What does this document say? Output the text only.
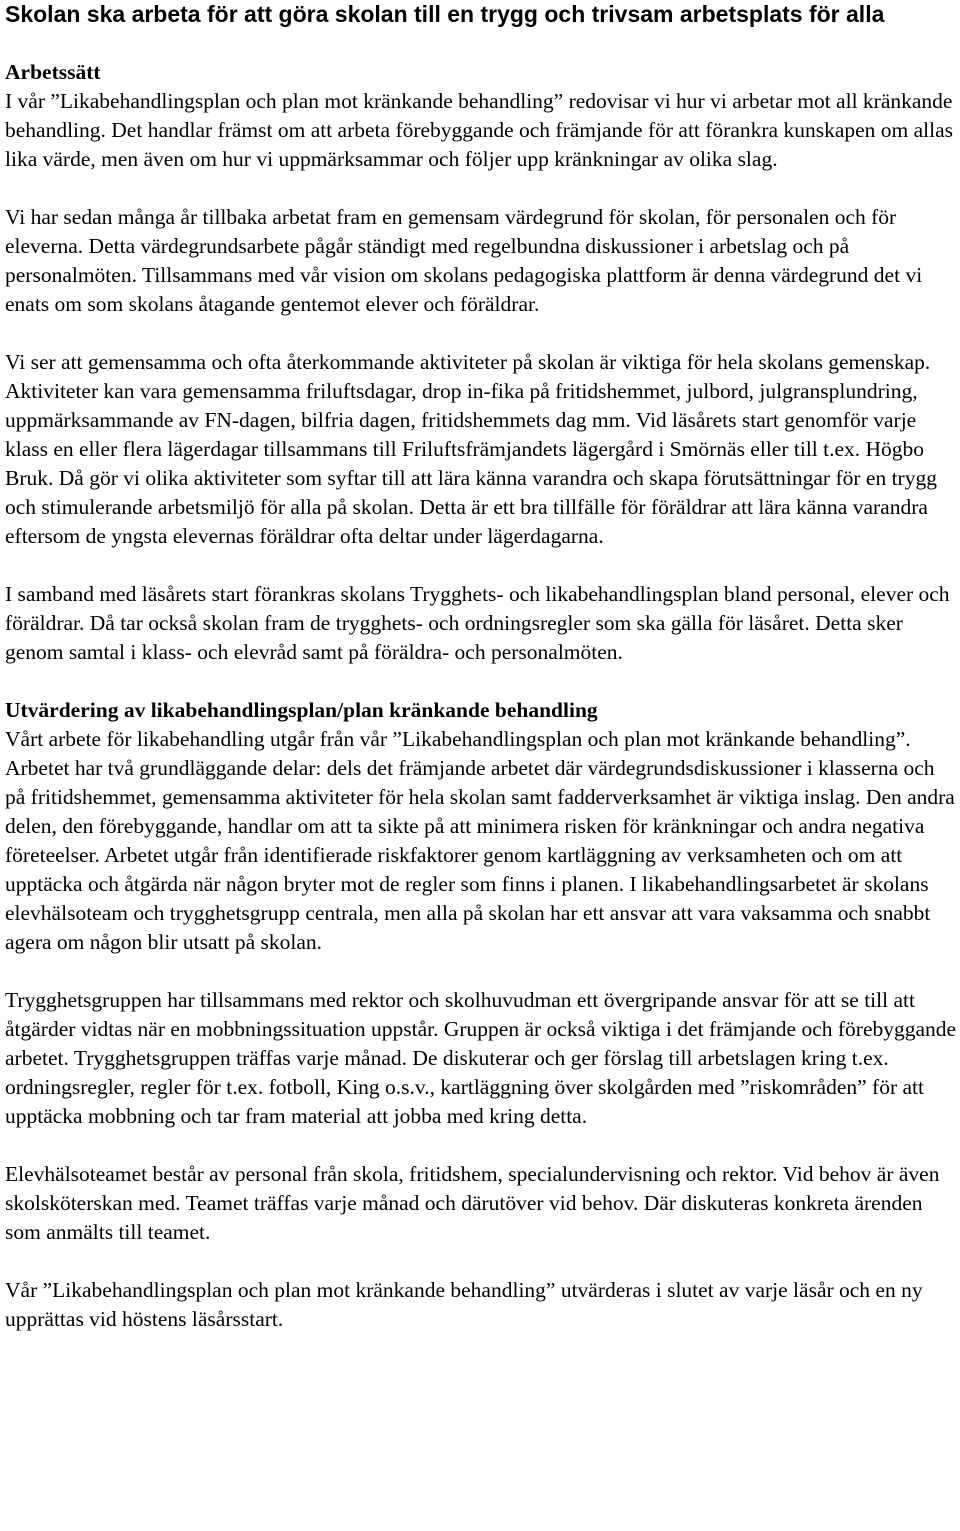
Skolan ska arbeta för att göra skolan till en trygg och trivsam arbetsplats för alla
Arbetssätt

I vår ”Likabehandlingsplan och plan mot kränkande behandling” redovisar vi hur vi arbetar mot all kränkande behandling. Det handlar främst om att arbeta förebyggande och främjande för att förankra kunskapen om allas lika värde, men även om hur vi uppmärksammar och följer upp kränkningar av olika slag.

Vi har sedan många år tillbaka arbetat fram en gemensam värdegrund för skolan, för personalen och för eleverna. Detta värdegrundsarbete pågår ständigt med regelbundna diskussioner i arbetslag och på personalmöten. Tillsammans med vår vision om skolans pedagogiska plattform är denna värdegrund det vi enats om som skolans åtagande gentemot elever och föräldrar.

Vi ser att gemensamma och ofta återkommande aktiviteter på skolan är viktiga för hela skolans gemenskap. Aktiviteter kan vara gemensamma friluftsdagar, drop in-fika på fritidshemmet, julbord, julgransplundring, uppmärksammande av FN-dagen, bilfria dagen, fritidshemmets dag mm. Vid läsårets start genomför varje klass en eller flera lägerdagar tillsammans till Friluftsfrämjandets lägergård i Smörnäs eller till t.ex. Högbo Bruk. Då gör vi olika aktiviteter som syftar till att lära känna varandra och skapa förutsättningar för en trygg och stimulerande arbetsmiljö för alla på skolan. Detta är ett bra tillfälle för föräldrar att lära känna varandra eftersom de yngsta elevernas föräldrar ofta deltar under lägerdagarna.

I samband med läsårets start förankras skolans Trygghets- och likabehandlingsplan bland personal, elever och föräldrar. Då tar också skolan fram de trygghets- och ordningsregler som ska gälla för läsåret. Detta sker genom samtal i klass- och elevråd samt på föräldra- och personalmöten.

Utvärdering av likabehandlingsplan/plan kränkande behandling

Vårt arbete för likabehandling utgår från vår ”Likabehandlingsplan och plan mot kränkande behandling”. Arbetet har två grundläggande delar: dels det främjande arbetet där värdegrundsdiskussioner i klasserna och på fritidshemmet, gemensamma aktiviteter för hela skolan samt fadderverksamhet är viktiga inslag. Den andra delen, den förebyggande, handlar om att ta sikte på att minimera risken för kränkningar och andra negativa företeelser. Arbetet utgår från identifierade riskfaktorer genom kartläggning av verksamheten och om att upptäcka och åtgärda när någon bryter mot de regler som finns i planen. I likabehandlingsarbetet är skolans elevhälsoteam och trygghetsgrupp centrala, men alla på skolan har ett ansvar att vara vaksamma och snabbt agera om någon blir utsatt på skolan.

Trygghetsgruppen har tillsammans med rektor och skolhuvudman ett övergripande ansvar för att se till att åtgärder vidtas när en mobbningssituation uppstår. Gruppen är också viktiga i det främjande och förebyggande arbetet. Trygghetsgruppen träffas varje månad. De diskuterar och ger förslag till arbetslagen kring t.ex. ordningsregler, regler för t.ex. fotboll, King o.s.v., kartläggning över skolgården med ”riskområden” för att upptäcka mobbning och tar fram material att jobba med kring detta.

Elevhälsoteamet består av personal från skola, fritidshem, specialundervisning och rektor. Vid behov är även skolsköterskan med. Teamet träffas varje månad och därutöver vid behov. Där diskuteras konkreta ärenden som anmälts till teamet.

Vår ”Likabehandlingsplan och plan mot kränkande behandling” utvärderas i slutet av varje läsår och en ny upprättas vid höstens läsårsstart.
